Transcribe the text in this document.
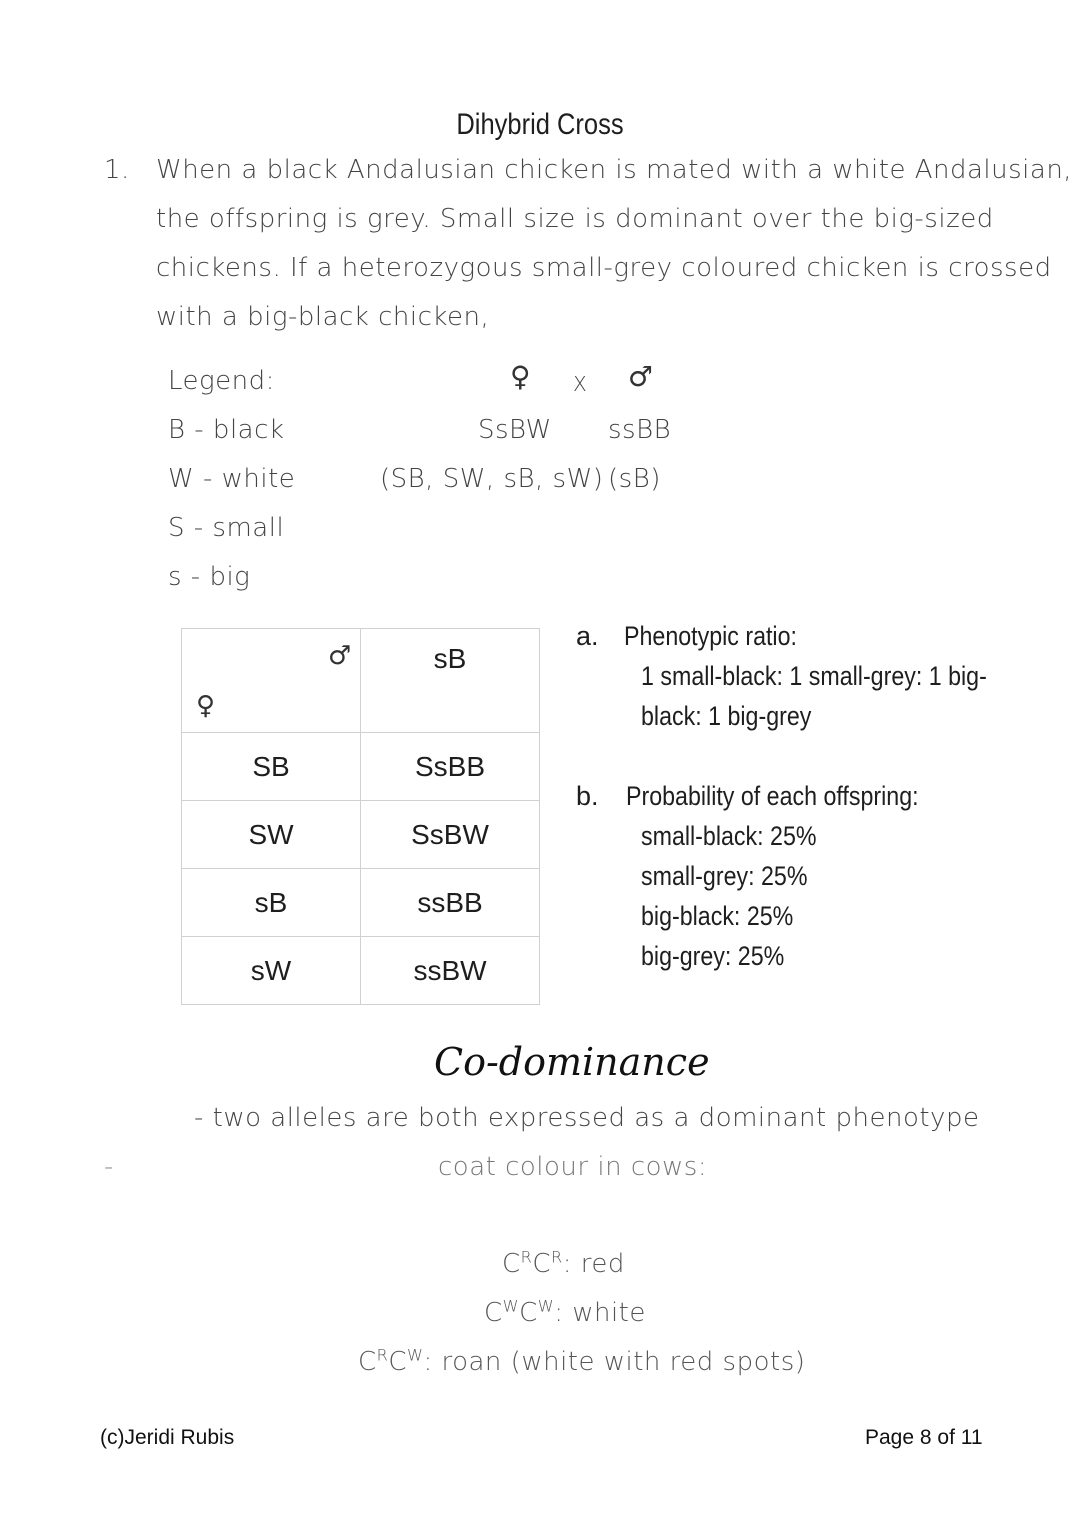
Dihybrid Cross
1. When a black Andalusian chicken is mated with a white Andalusian,
the offspring is grey. Small size is dominant over the big-sized
chickens. If a heterozygous small-grey coloured chicken is crossed
with a big-black chicken,
Legend:
B - black
W - white
S - small
s - big
♀ X ♂
SsBW ssBB
(SB, SW, sB, sW) (sB)
♂
♀	sB
SB	SsBB
SW	SsBW
sB	ssBB
sW	ssBW
a. Phenotypic ratio:
1 small-black: 1 small-grey: 1 big-
black: 1 big-grey
b. Probability of each offspring:
small-black: 25%
small-grey: 25%
big-black: 25%
big-grey: 25%
Co-dominance
- two alleles are both expressed as a dominant phenotype
-	coat colour in cows:
$C^RC^R$: red
$C^WC^W$: white
$C^RC^W$: roan (white with red spots)
(c)Jeridi Rubis	Page 8 of 11
